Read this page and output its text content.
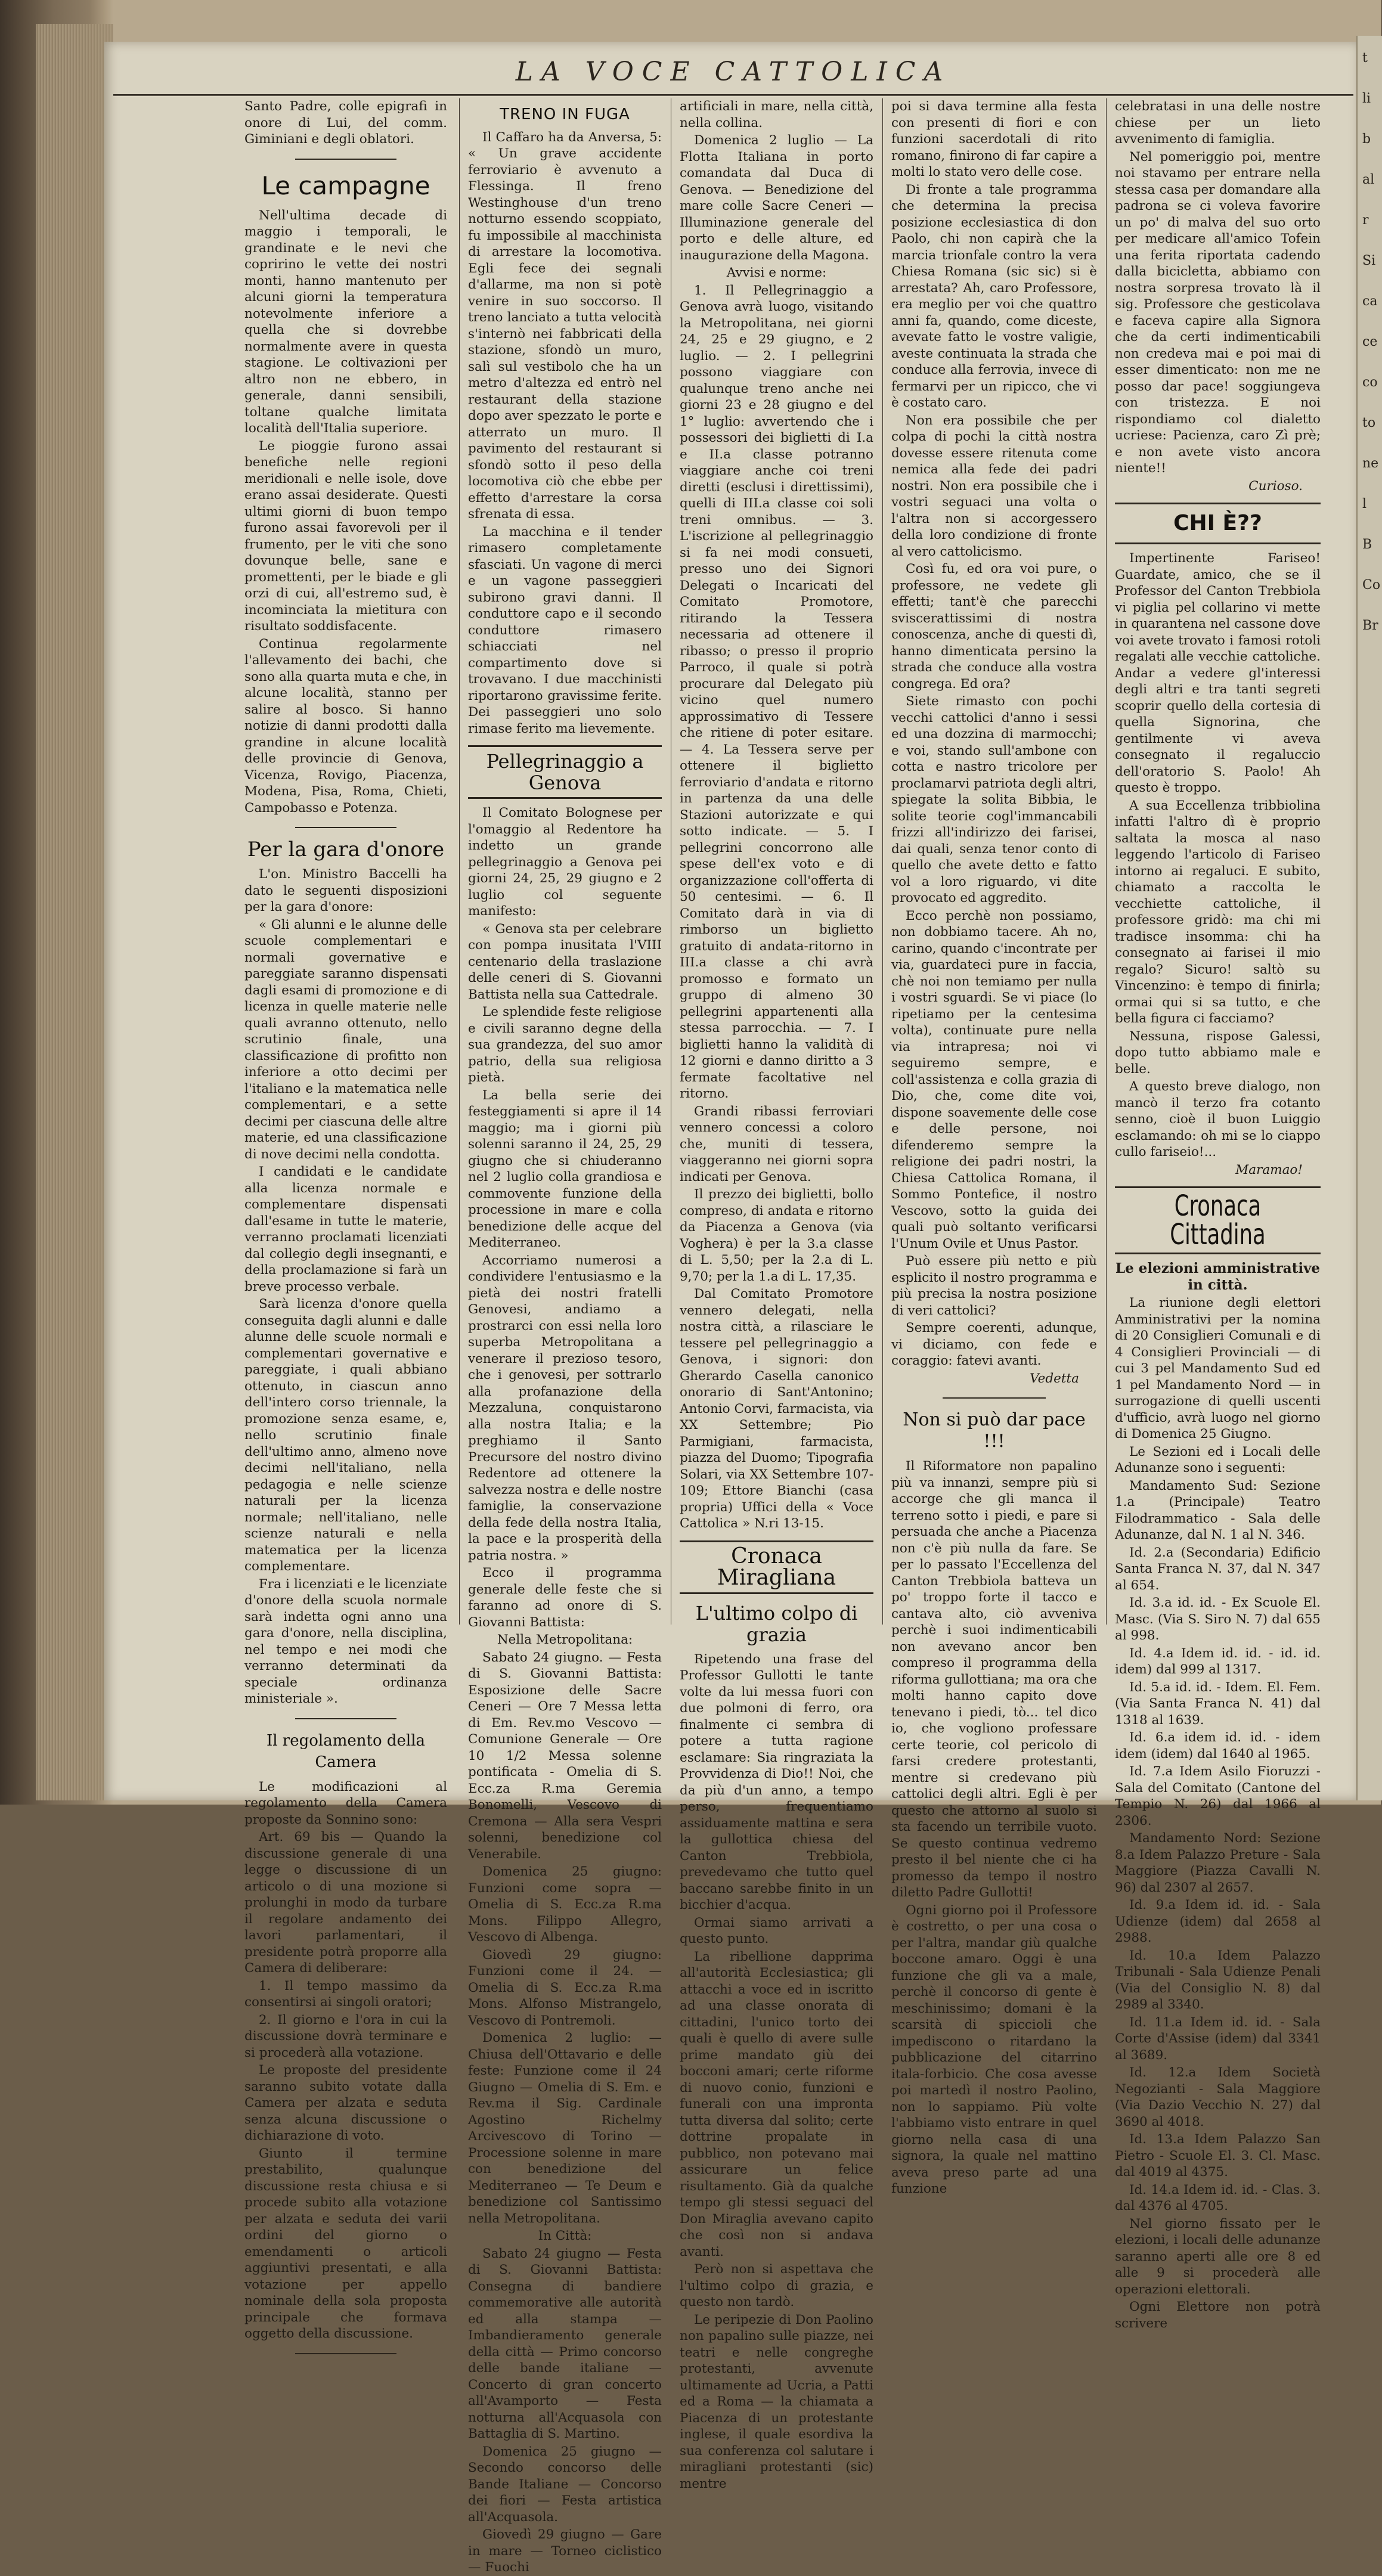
t
li
b
al
r
Si
ca
ce
co
to
ne
l
B
Co
Br
LA VOCE CATTOLICA

Santo Padre, colle epigrafi in onore di Lui, del comm. Giminiani e degli oblatori.

Le campagne

Nell'ultima decade di maggio i temporali, le grandinate e le nevi che copririno le vette dei nostri monti, hanno mantenuto per alcuni giorni la temperatura notevolmente inferiore a quella che si dovrebbe normalmente avere in questa stagione. Le coltivazioni per altro non ne ebbero, in generale, danni sensibili, toltane qualche limitata località dell'Italia superiore.

Le pioggie furono assai benefiche nelle regioni meridionali e nelle isole, dove erano assai desiderate. Questi ultimi giorni di buon tempo furono assai favorevoli per il frumento, per le viti che sono dovunque belle, sane e promettenti, per le biade e gli orzi di cui, all'estremo sud, è incominciata la mietitura con risultato soddisfacente.

Continua regolarmente l'allevamento dei bachi, che sono alla quarta muta e che, in alcune località, stanno per salire al bosco. Si hanno notizie di danni prodotti dalla grandine in alcune località delle provincie di Genova, Vicenza, Rovigo, Piacenza, Modena, Pisa, Roma, Chieti, Campobasso e Potenza.

Per la gara d'onore

L'on. Ministro Baccelli ha dato le seguenti disposizioni per la gara d'onore:

« Gli alunni e le alunne delle scuole complementari e normali governative e pareggiate saranno dispensati dagli esami di promozione e di licenza in quelle materie nelle quali avranno ottenuto, nello scrutinio finale, una classificazione di profitto non inferiore a otto decimi per l'italiano e la matematica nelle complementari, e a sette decimi per ciascuna delle altre materie, ed una classificazione di nove decimi nella condotta.

I candidati e le candidate alla licenza normale e complementare dispensati dall'esame in tutte le materie, verranno proclamati licenziati dal collegio degli insegnanti, e della proclamazione si farà un breve processo verbale.

Sarà licenza d'onore quella conseguita dagli alunni e dalle alunne delle scuole normali e complementari governative e pareggiate, i quali abbiano ottenuto, in ciascun anno dell'intero corso triennale, la promozione senza esame, e, nello scrutinio finale dell'ultimo anno, almeno nove decimi nell'italiano, nella pedagogia e nelle scienze naturali per la licenza normale; nell'italiano, nelle scienze naturali e nella matematica per la licenza complementare.

Fra i licenziati e le licenziate d'onore della scuola normale sarà indetta ogni anno una gara d'onore, nella disciplina, nel tempo e nei modi che verranno determinati da speciale ordinanza ministeriale ».

Il regolamento della Camera

Le modificazioni al regolamento della Camera proposte da Sonnino sono:

Art. 69 bis — Quando la discussione generale di una legge o discussione di un articolo o di una mozione si prolunghi in modo da turbare il regolare andamento dei lavori parlamentari, il presidente potrà proporre alla Camera di deliberare:

1. Il tempo massimo da consentirsi ai singoli oratori;

2. Il giorno e l'ora in cui la discussione dovrà terminare e si procederà alla votazione.

Le proposte del presidente saranno subito votate dalla Camera per alzata e seduta senza alcuna discussione o dichiarazione di voto.

Giunto il termine prestabilito, qualunque discussione resta chiusa e si procede subito alla votazione per alzata e seduta dei varii ordini del giorno o emendamenti o articoli aggiuntivi presentati, e alla votazione per appello nominale della sola proposta principale che formava oggetto della discussione.

TRENO IN FUGA

Il Caffaro ha da Anversa, 5: « Un grave accidente ferroviario è avvenuto a Flessinga. Il freno Westinghouse d'un treno notturno essendo scoppiato, fu impossibile al macchinista di arrestare la locomotiva. Egli fece dei segnali d'allarme, ma non si potè venire in suo soccorso. Il treno lanciato a tutta velocità s'internò nei fabbricati della stazione, sfondò un muro, salì sul vestibolo che ha un metro d'altezza ed entrò nel restaurant della stazione dopo aver spezzato le porte e atterrato un muro. Il pavimento del restaurant si sfondò sotto il peso della locomotiva ciò che ebbe per effetto d'arrestare la corsa sfrenata di essa.

La macchina e il tender rimasero completamente sfasciati. Un vagone di merci e un vagone passeggieri subirono gravi danni. Il conduttore capo e il secondo conduttore rimasero schiacciati nel compartimento dove si trovavano. I due macchinisti riportarono gravissime ferite. Dei passeggieri uno solo rimase ferito ma lievemente.

Pellegrinaggio a Genova

Il Comitato Bolognese per l'omaggio al Redentore ha indetto un grande pellegrinaggio a Genova pei giorni 24, 25, 29 giugno e 2 luglio col seguente manifesto:

« Genova sta per celebrare con pompa inusitata l'VIII centenario della traslazione delle ceneri di S. Giovanni Battista nella sua Cattedrale.

Le splendide feste religiose e civili saranno degne della sua grandezza, del suo amor patrio, della sua religiosa pietà.

La bella serie dei festeggiamenti si apre il 14 maggio; ma i giorni più solenni saranno il 24, 25, 29 giugno che si chiuderanno nel 2 luglio colla grandiosa e commovente funzione della processione in mare e colla benedizione delle acque del Mediterraneo.

Accorriamo numerosi a condividere l'entusiasmo e la pietà dei nostri fratelli Genovesi, andiamo a prostrarci con essi nella loro superba Metropolitana a venerare il prezioso tesoro, che i genovesi, per sottrarlo alla profanazione della Mezzaluna, conquistarono alla nostra Italia; e la preghiamo il Santo Precursore del nostro divino Redentore ad ottenere la salvezza nostra e delle nostre famiglie, la conservazione della fede della nostra Italia, la pace e la prosperità della patria nostra. »

Ecco il programma generale delle feste che si faranno ad onore di S. Giovanni Battista:

Nella Metropolitana:

Sabato 24 giugno. — Festa di S. Giovanni Battista: Esposizione delle Sacre Ceneri — Ore 7 Messa letta di Em. Rev.mo Vescovo — Comunione Generale — Ore 10 1/2 Messa solenne pontificata - Omelia di S. Ecc.za R.ma Geremia Bonomelli, Vescovo di Cremona — Alla sera Vespri solenni, benedizione col Venerabile.

Domenica 25 giugno: Funzioni come sopra — Omelia di S. Ecc.za R.ma Mons. Filippo Allegro, Vescovo di Albenga.

Giovedì 29 giugno: Funzioni come il 24. — Omelia di S. Ecc.za R.ma Mons. Alfonso Mistrangelo, Vescovo di Pontremoli.

Domenica 2 luglio: — Chiusa dell'Ottavario e delle feste: Funzione come il 24 Giugno — Omelia di S. Em. e Rev.ma il Sig. Cardinale Agostino Richelmy Arcivescovo di Torino — Processione solenne in mare con benedizione del Mediterraneo — Te Deum e benedizione col Santissimo nella Metropolitana.

In Città:

Sabato 24 giugno — Festa di S. Giovanni Battista: Consegna di bandiere commemorative alle autorità ed alla stampa — Imbandieramento generale della città — Primo concorso delle bande italiane — Concerto di gran concerto all'Avamporto — Festa notturna all'Acquasola con Battaglia di S. Martino.

Domenica 25 giugno — Secondo concorso delle Bande Italiane — Concorso dei fiori — Festa artistica all'Acquasola.

Giovedì 29 giugno — Gare in mare — Torneo ciclistico — Fuochi

artificiali in mare, nella città, nella collina.

Domenica 2 luglio — La Flotta Italiana in porto comandata dal Duca di Genova. — Benedizione del mare colle Sacre Ceneri — Illuminazione generale del porto e delle alture, ed inaugurazione della Magona.

Avvisi e norme:

1. Il Pellegrinaggio a Genova avrà luogo, visitando la Metropolitana, nei giorni 24, 25 e 29 giugno, e 2 luglio. — 2. I pellegrini possono viaggiare con qualunque treno anche nei giorni 23 e 28 giugno e del 1° luglio: avvertendo che i possessori dei biglietti di I.a e II.a classe potranno viaggiare anche coi treni diretti (esclusi i direttissimi), quelli di III.a classe coi soli treni omnibus. — 3. L'iscrizione al pellegrinaggio si fa nei modi consueti, presso uno dei Signori Delegati o Incaricati del Comitato Promotore, ritirando la Tessera necessaria ad ottenere il ribasso; o presso il proprio Parroco, il quale si potrà procurare dal Delegato più vicino quel numero approssimativo di Tessere che ritiene di poter esitare. — 4. La Tessera serve per ottenere il biglietto ferroviario d'andata e ritorno in partenza da una delle Stazioni autorizzate e qui sotto indicate. — 5. I pellegrini concorrono alle spese dell'ex voto e di organizzazione coll'offerta di 50 centesimi. — 6. Il Comitato darà in via di rimborso un biglietto gratuito di andata-ritorno in III.a classe a chi avrà promosso e formato un gruppo di almeno 30 pellegrini appartenenti alla stessa parrocchia. — 7. I biglietti hanno la validità di 12 giorni e danno diritto a 3 fermate facoltative nel ritorno.

Grandi ribassi ferroviari vennero concessi a coloro che, muniti di tessera, viaggeranno nei giorni sopra indicati per Genova.

Il prezzo dei biglietti, bollo compreso, di andata e ritorno da Piacenza a Genova (via Voghera) è per la 3.a classe di L. 5,50; per la 2.a di L. 9,70; per la 1.a di L. 17,35.

Dal Comitato Promotore vennero delegati, nella nostra città, a rilasciare le tessere pel pellegrinaggio a Genova, i signori: don Gherardo Casella canonico onorario di Sant'Antonino; Antonio Corvi, farmacista, via XX Settembre; Pio Parmigiani, farmacista, piazza del Duomo; Tipografia Solari, via XX Settembre 107-109; Ettore Bianchi (casa propria) Uffici della « Voce Cattolica » N.ri 13-15.

Cronaca Miragliana
L'ultimo colpo di grazia

Ripetendo una frase del Professor Gullotti le tante volte da lui messa fuori con due polmoni di ferro, ora finalmente ci sembra di potere a tutta ragione esclamare: Sia ringraziata la Provvidenza di Dio!! Noi, che da più d'un anno, a tempo perso, frequentiamo assiduamente mattina e sera la gullottica chiesa del Canton Trebbiola, prevedevamo che tutto quel baccano sarebbe finito in un bicchier d'acqua.

Ormai siamo arrivati a questo punto.

La ribellione dapprima all'autorità Ecclesiastica; gli attacchi a voce ed in iscritto ad una classe onorata di cittadini, l'unico torto dei quali è quello di avere sulle prime mandato giù dei bocconi amari; certe riforme di nuovo conio, funzioni e funerali con una impronta tutta diversa dal solito; certe dottrine propalate in pubblico, non potevano mai assicurare un felice risultamento. Già da qualche tempo gli stessi seguaci del Don Miraglia avevano capito che così non si andava avanti.

Però non si aspettava che l'ultimo colpo di grazia, e questo non tardò.

Le peripezie di Don Paolino non papalino sulle piazze, nei teatri e nelle congreghe protestanti, avvenute ultimamente ad Ucria, a Patti ed a Roma — la chiamata a Piacenza di un protestante inglese, il quale esordiva la sua conferenza col salutare i miragliani protestanti (sic) mentre

poi si dava termine alla festa con presenti di fiori e con funzioni sacerdotali di rito romano, finirono di far capire a molti lo stato vero delle cose.

Di fronte a tale programma che determina la precisa posizione ecclesiastica di don Paolo, chi non capirà che la marcia trionfale contro la vera Chiesa Romana (sic sic) si è arrestata? Ah, caro Professore, era meglio per voi che quattro anni fa, quando, come diceste, avevate fatto le vostre valigie, aveste continuata la strada che conduce alla ferrovia, invece di fermarvi per un ripicco, che vi è costato caro.

Non era possibile che per colpa di pochi la città nostra dovesse essere ritenuta come nemica alla fede dei padri nostri. Non era possibile che i vostri seguaci una volta o l'altra non si accorgessero della loro condizione di fronte al vero cattolicismo.

Così fu, ed ora voi pure, o professore, ne vedete gli effetti; tant'è che parecchi sviscerattissimi di nostra conoscenza, anche di questi dì, hanno dimenticata persino la strada che conduce alla vostra congrega. Ed ora?

Siete rimasto con pochi vecchi cattolici d'anno i sessi ed una dozzina di marmocchi; e voi, stando sull'ambone con cotta e nastro tricolore per proclamarvi patriota degli altri, spiegate la solita Bibbia, le solite teorie cogl'immancabili frizzi all'indirizzo dei farisei, dai quali, senza tenor conto di quello che avete detto e fatto vol a loro riguardo, vi dite provocato ed aggredito.

Ecco perchè non possiamo, non dobbiamo tacere. Ah no, carino, quando c'incontrate per via, guardateci pure in faccia, chè noi non temiamo per nulla i vostri sguardi. Se vi piace (lo ripetiamo per la centesima volta), continuate pure nella via intrapresa; noi vi seguiremo sempre, e coll'assistenza e colla grazia di Dio, che, come dite voi, dispone soavemente delle cose e delle persone, noi difenderemo sempre la religione dei padri nostri, la Chiesa Cattolica Romana, il Sommo Pontefice, il nostro Vescovo, sotto la guida dei quali può soltanto verificarsi l'Unum Ovile et Unus Pastor.

Può essere più netto e più esplicito il nostro programma e più precisa la nostra posizione di veri cattolici?

Sempre coerenti, adunque, vi diciamo, con fede e coraggio: fatevi avanti.

Vedetta

Non si può dar pace !!!

Il Riformatore non papalino più va innanzi, sempre più si accorge che gli manca il terreno sotto i piedi, e pare si persuada che anche a Piacenza non c'è più nulla da fare. Se per lo passato l'Eccellenza del Canton Trebbiola batteva un po' troppo forte il tacco e cantava alto, ciò avveniva perchè i suoi indimenticabili non avevano ancor ben compreso il programma della riforma gullottiana; ma ora che molti hanno capito dove tenevano i piedi, tò... tel dico io, che vogliono professare certe teorie, col pericolo di farsi credere protestanti, mentre si credevano più cattolici degli altri. Egli è per questo che attorno al suolo si sta facendo un terribile vuoto. Se questo continua vedremo presto il bel niente che ci ha promesso da tempo il nostro diletto Padre Gullotti!

Ogni giorno poi il Professore è costretto, o per una cosa o per l'altra, mandar giù qualche boccone amaro. Oggi è una funzione che gli va a male, perchè il concorso di gente è meschinissimo; domani è la scarsità di spiccioli che impediscono o ritardano la pubblicazione del citarrino itala-forbicio. Che cosa avesse poi martedì il nostro Paolino, non lo sappiamo. Più volte l'abbiamo visto entrare in quel giorno nella casa di una signora, la quale nel mattino aveva preso parte ad una funzione

celebratasi in una delle nostre chiese per un lieto avvenimento di famiglia.

Nel pomeriggio poi, mentre noi stavamo per entrare nella stessa casa per domandare alla padrona se ci voleva favorire un po' di malva del suo orto per medicare all'amico Tofein una ferita riportata cadendo dalla bicicletta, abbiamo con nostra sorpresa trovato là il sig. Professore che gesticolava e faceva capire alla Signora che da certi indimenticabili non credeva mai e poi mai di esser dimenticato: non me ne posso dar pace! soggiungeva con tristezza. E noi rispondiamo col dialetto ucriese: Pacienza, caro Zì prè; e non avete visto ancora niente!!

Curioso.

CHI È??

Impertinente Fariseo! Guardate, amico, che se il Professor del Canton Trebbiola vi piglia pel collarino vi mette in quarantena nel cassone dove voi avete trovato i famosi rotoli regalati alle vecchie cattoliche. Andar a vedere gl'interessi degli altri e tra tanti segreti scoprir quello della cortesia di quella Signorina, che gentilmente vi aveva consegnato il regaluccio dell'oratorio S. Paolo! Ah questo è troppo.

A sua Eccellenza tribbiolina infatti l'altro dì è proprio saltata la mosca al naso leggendo l'articolo di Fariseo intorno ai regaluci. E subito, chiamato a raccolta le vecchiette cattoliche, il professore gridò: ma chi mi tradisce insomma: chi ha consegnato ai farisei il mio regalo? Sicuro! saltò su Vincenzino: è tempo di finirla; ormai qui si sa tutto, e che bella figura ci facciamo?

Nessuna, rispose Galessi, dopo tutto abbiamo male e belle.

A questo breve dialogo, non mancò il terzo fra cotanto senno, cioè il buon Luiggio esclamando: oh mi se lo ciappo cullo fariseio!...

Maramao!

Cronaca Cittadina

Le elezioni amministrative in città.

La riunione degli elettori Amministrativi per la nomina di 20 Consiglieri Comunali e di 4 Consiglieri Provinciali — di cui 3 pel Mandamento Sud ed 1 pel Mandamento Nord — in surrogazione di quelli uscenti d'ufficio, avrà luogo nel giorno di Domenica 25 Giugno.

Le Sezioni ed i Locali delle Adunanze sono i seguenti:

Mandamento Sud: Sezione 1.a (Principale) Teatro Filodrammatico - Sala delle Adunanze, dal N. 1 al N. 346.

Id. 2.a (Secondaria) Edificio Santa Franca N. 37, dal N. 347 al 654.

Id. 3.a id. id. - Ex Scuole El. Masc. (Via S. Siro N. 7) dal 655 al 998.

Id. 4.a Idem id. id. - id. id. idem) dal 999 al 1317.

Id. 5.a id. id. - Idem. El. Fem. (Via Santa Franca N. 41) dal 1318 al 1639.

Id. 6.a idem id. id. - idem idem (idem) dal 1640 al 1965.

Id. 7.a Idem Asilo Fioruzzi - Sala del Comitato (Cantone del Tempio N. 26) dal 1966 al 2306.

Mandamento Nord: Sezione 8.a Idem Palazzo Preture - Sala Maggiore (Piazza Cavalli N. 96) dal 2307 al 2657.

Id. 9.a Idem id. id. - Sala Udienze (idem) dal 2658 al 2988.

Id. 10.a Idem Palazzo Tribunali - Sala Udienze Penali (Via del Consiglio N. 8) dal 2989 al 3340.

Id. 11.a Idem id. id. - Sala Corte d'Assise (idem) dal 3341 al 3689.

Id. 12.a Idem Società Negozianti - Sala Maggiore (Via Dazio Vecchio N. 27) dal 3690 al 4018.

Id. 13.a Idem Palazzo San Pietro - Scuole El. 3. Cl. Masc. dal 4019 al 4375.

Id. 14.a Idem id. id. - Clas. 3. dal 4376 al 4705.

Nel giorno fissato per le elezioni, i locali delle adunanze saranno aperti alle ore 8 ed alle 9 si procederà alle operazioni elettorali.

Ogni Elettore non potrà scrivere
